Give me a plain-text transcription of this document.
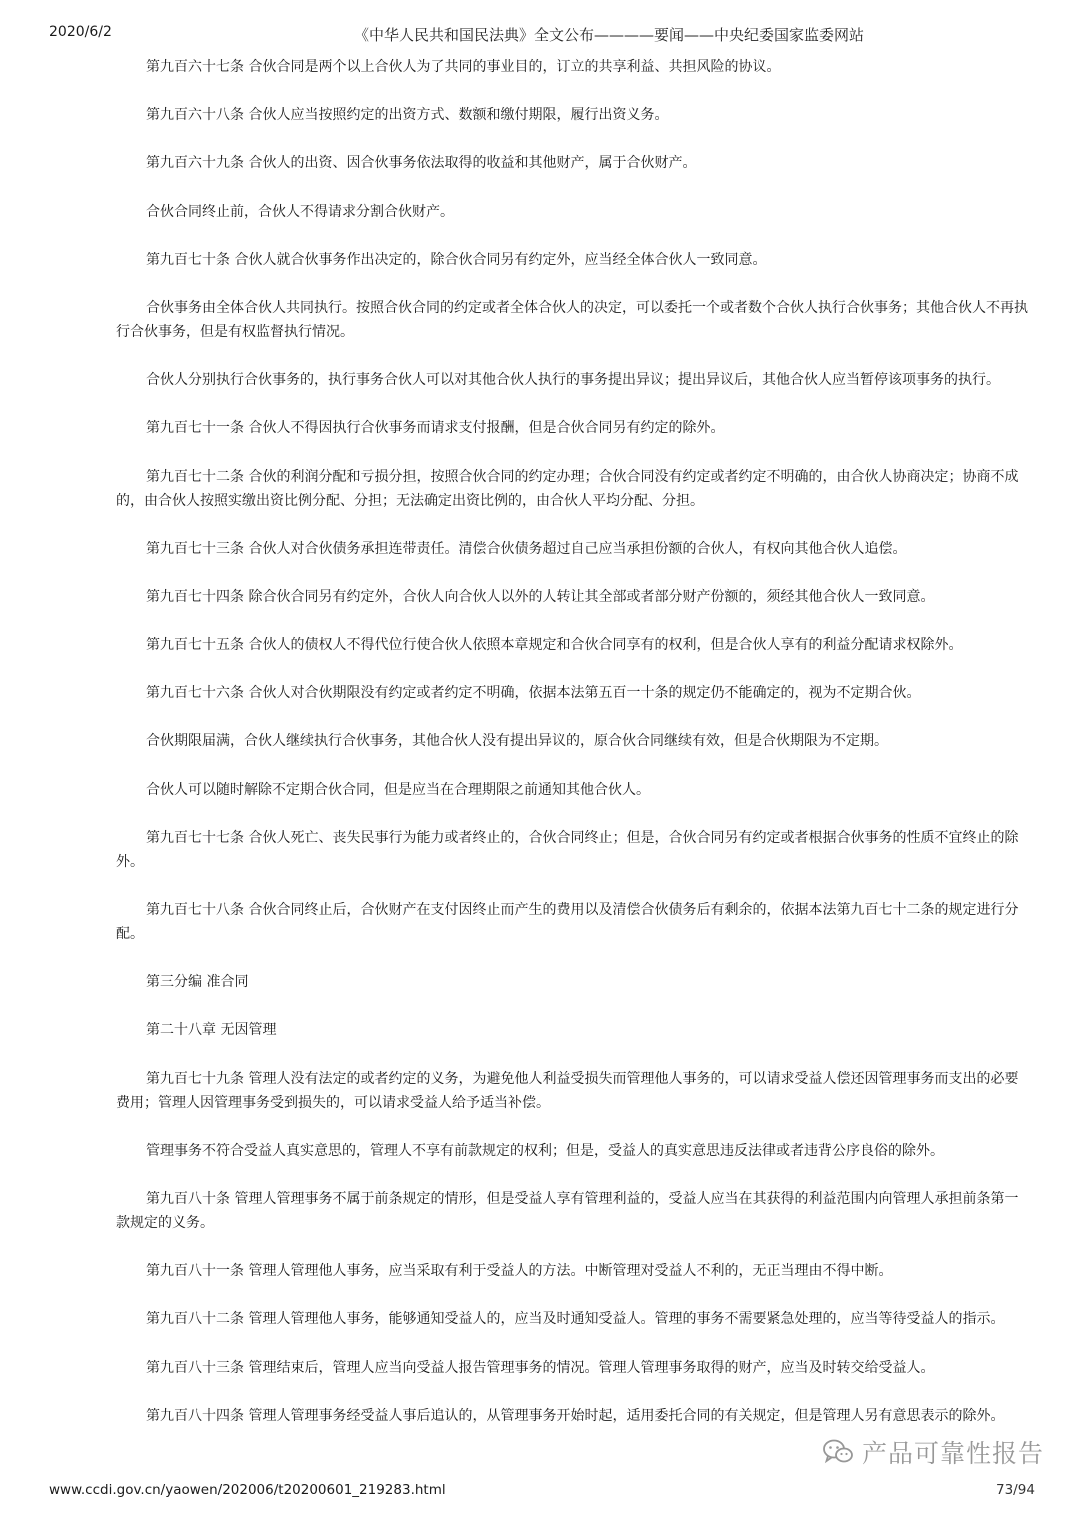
2020/6/2	《中华人民共和国民法典》全文公布————要闻——中央纪委国家监委网站

第九百六十七条 合伙合同是两个以上合伙人为了共同的事业目的，订立的共享利益、共担风险的协议。

第九百六十八条 合伙人应当按照约定的出资方式、数额和缴付期限，履行出资义务。

第九百六十九条 合伙人的出资、因合伙事务依法取得的收益和其他财产，属于合伙财产。

合伙合同终止前，合伙人不得请求分割合伙财产。

第九百七十条 合伙人就合伙事务作出决定的，除合伙合同另有约定外，应当经全体合伙人一致同意。

合伙事务由全体合伙人共同执行。按照合伙合同的约定或者全体合伙人的决定，可以委托一个或者数个合伙人执行合伙事务；其他合伙人不再执行合伙事务，但是有权监督执行情况。

合伙人分别执行合伙事务的，执行事务合伙人可以对其他合伙人执行的事务提出异议；提出异议后，其他合伙人应当暂停该项事务的执行。

第九百七十一条 合伙人不得因执行合伙事务而请求支付报酬，但是合伙合同另有约定的除外。

第九百七十二条 合伙的利润分配和亏损分担，按照合伙合同的约定办理；合伙合同没有约定或者约定不明确的，由合伙人协商决定；协商不成的，由合伙人按照实缴出资比例分配、分担；无法确定出资比例的，由合伙人平均分配、分担。

第九百七十三条 合伙人对合伙债务承担连带责任。清偿合伙债务超过自己应当承担份额的合伙人，有权向其他合伙人追偿。

第九百七十四条 除合伙合同另有约定外，合伙人向合伙人以外的人转让其全部或者部分财产份额的，须经其他合伙人一致同意。

第九百七十五条 合伙人的债权人不得代位行使合伙人依照本章规定和合伙合同享有的权利，但是合伙人享有的利益分配请求权除外。

第九百七十六条 合伙人对合伙期限没有约定或者约定不明确，依据本法第五百一十条的规定仍不能确定的，视为不定期合伙。

合伙期限届满，合伙人继续执行合伙事务，其他合伙人没有提出异议的，原合伙合同继续有效，但是合伙期限为不定期。

合伙人可以随时解除不定期合伙合同，但是应当在合理期限之前通知其他合伙人。

第九百七十七条 合伙人死亡、丧失民事行为能力或者终止的，合伙合同终止；但是，合伙合同另有约定或者根据合伙事务的性质不宜终止的除外。

第九百七十八条 合伙合同终止后，合伙财产在支付因终止而产生的费用以及清偿合伙债务后有剩余的，依据本法第九百七十二条的规定进行分配。

第三分编 准合同

第二十八章 无因管理

第九百七十九条 管理人没有法定的或者约定的义务，为避免他人利益受损失而管理他人事务的，可以请求受益人偿还因管理事务而支出的必要费用；管理人因管理事务受到损失的，可以请求受益人给予适当补偿。

管理事务不符合受益人真实意思的，管理人不享有前款规定的权利；但是，受益人的真实意思违反法律或者违背公序良俗的除外。

第九百八十条 管理人管理事务不属于前条规定的情形，但是受益人享有管理利益的，受益人应当在其获得的利益范围内向管理人承担前条第一款规定的义务。

第九百八十一条 管理人管理他人事务，应当采取有利于受益人的方法。中断管理对受益人不利的，无正当理由不得中断。

第九百八十二条 管理人管理他人事务，能够通知受益人的，应当及时通知受益人。管理的事务不需要紧急处理的，应当等待受益人的指示。

第九百八十三条 管理结束后，管理人应当向受益人报告管理事务的情况。管理人管理事务取得的财产，应当及时转交给受益人。

第九百八十四条 管理人管理事务经受益人事后追认的，从管理事务开始时起，适用委托合同的有关规定，但是管理人另有意思表示的除外。

www.ccdi.gov.cn/yaowen/202006/t20200601_219283.html	73/94
产品可靠性报告
